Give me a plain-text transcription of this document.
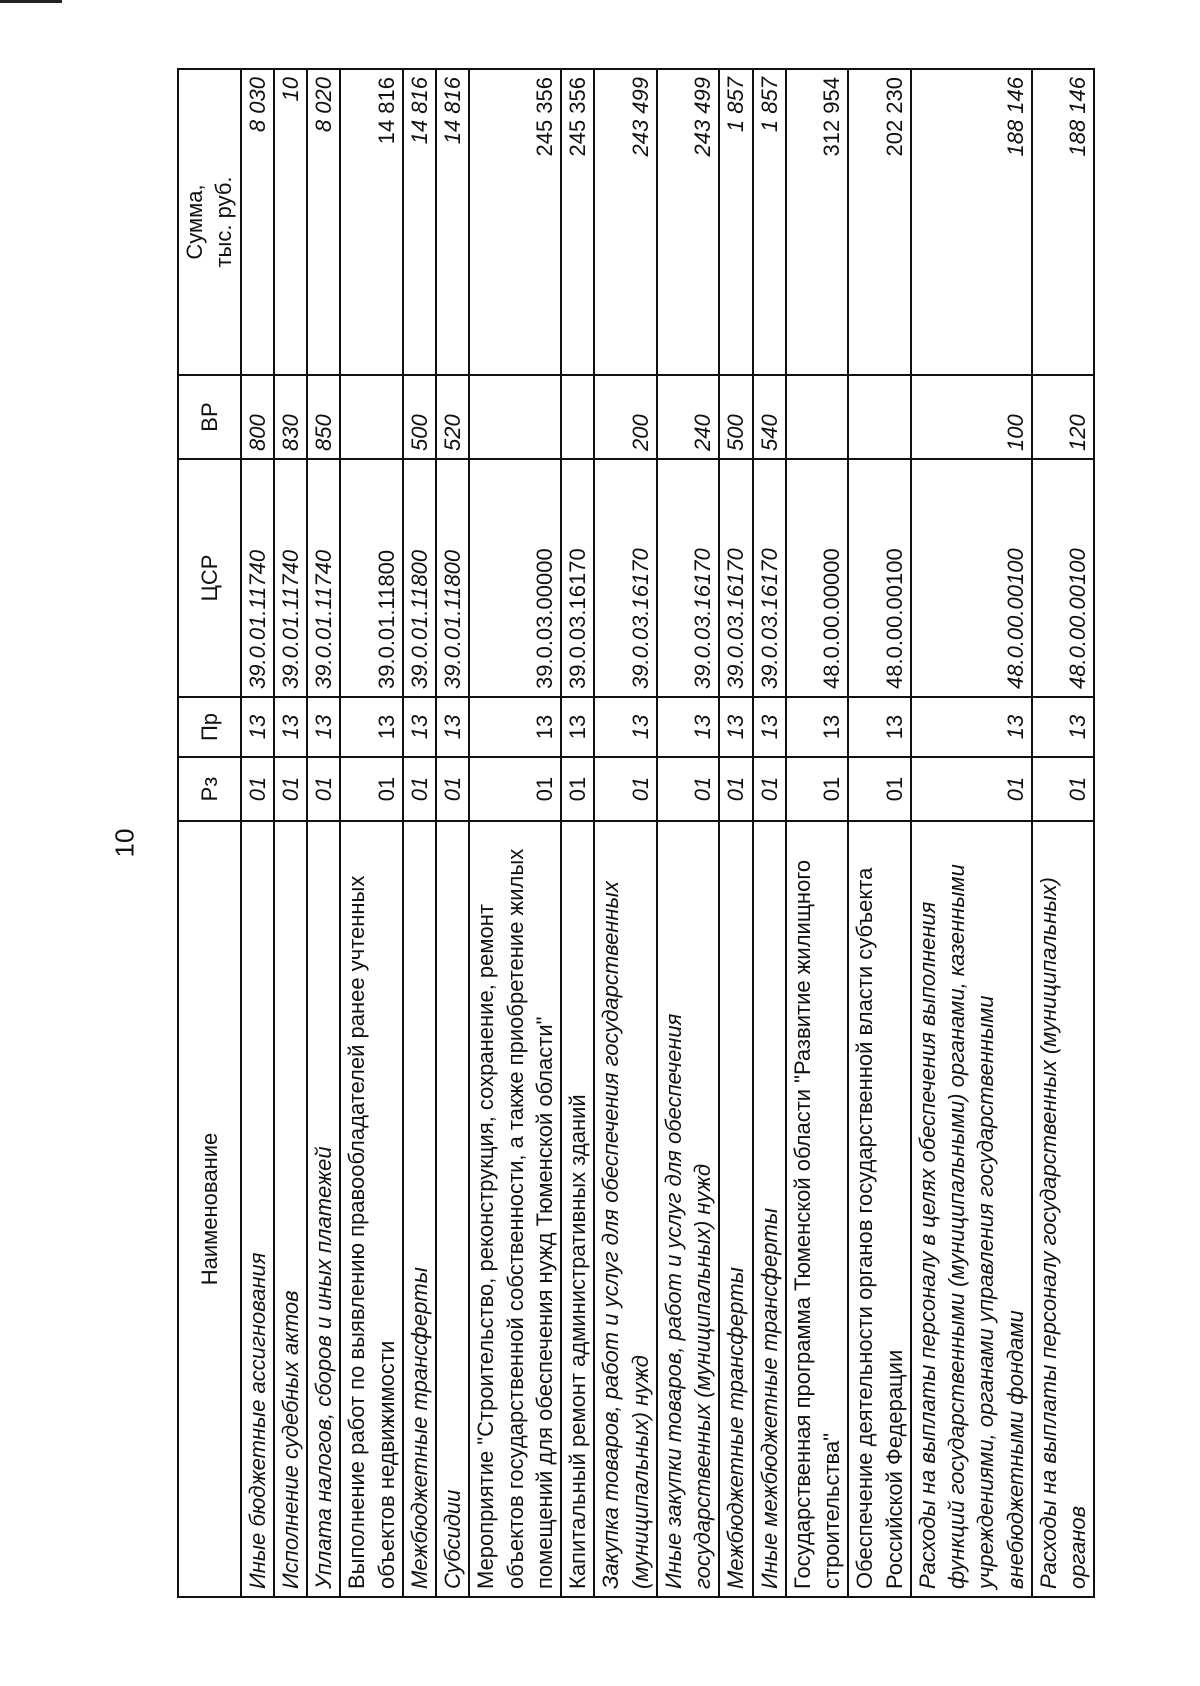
10
Наименование	Рз	Пр	ЦСР	ВР	Сумма, тыс. руб.
Иные бюджетные ассигнования	01	13	39.0.01.11740	800	8 030
Исполнение судебных актов	01	13	39.0.01.11740	830	10
Уплата налогов, сборов и иных платежей	01	13	39.0.01.11740	850	8 020
Выполнение работ по выявлению правообладателей ранее учтенных объектов недвижимости	01	13	39.0.01.11800		14 816
Межбюджетные трансферты	01	13	39.0.01.11800	500	14 816
Субсидии	01	13	39.0.01.11800	520	14 816
Мероприятие "Строительство, реконструкция, сохранение, ремонт объектов государственной собственности, а также приобретение жилых помещений для обеспечения нужд Тюменской области"	01	13	39.0.03.00000		245 356
Капитальный ремонт административных зданий	01	13	39.0.03.16170		245 356
Закупка товаров, работ и услуг для обеспечения государственных (муниципальных) нужд	01	13	39.0.03.16170	200	243 499
Иные закупки товаров, работ и услуг для обеспечения государственных (муниципальных) нужд	01	13	39.0.03.16170	240	243 499
Межбюджетные трансферты	01	13	39.0.03.16170	500	1 857
Иные межбюджетные трансферты	01	13	39.0.03.16170	540	1 857
Государственная программа Тюменской области "Развитие жилищного строительства"	01	13	48.0.00.00000		312 954
Обеспечение деятельности органов государственной власти субъекта Российской Федерации	01	13	48.0.00.00100		202 230
Расходы на выплаты персоналу в целях обеспечения выполнения функций государственными (муниципальными) органами, казенными учреждениями, органами управления государственными внебюджетными фондами	01	13	48.0.00.00100	100	188 146
Расходы на выплаты персоналу государственных (муниципальных) органов	01	13	48.0.00.00100	120	188 146
